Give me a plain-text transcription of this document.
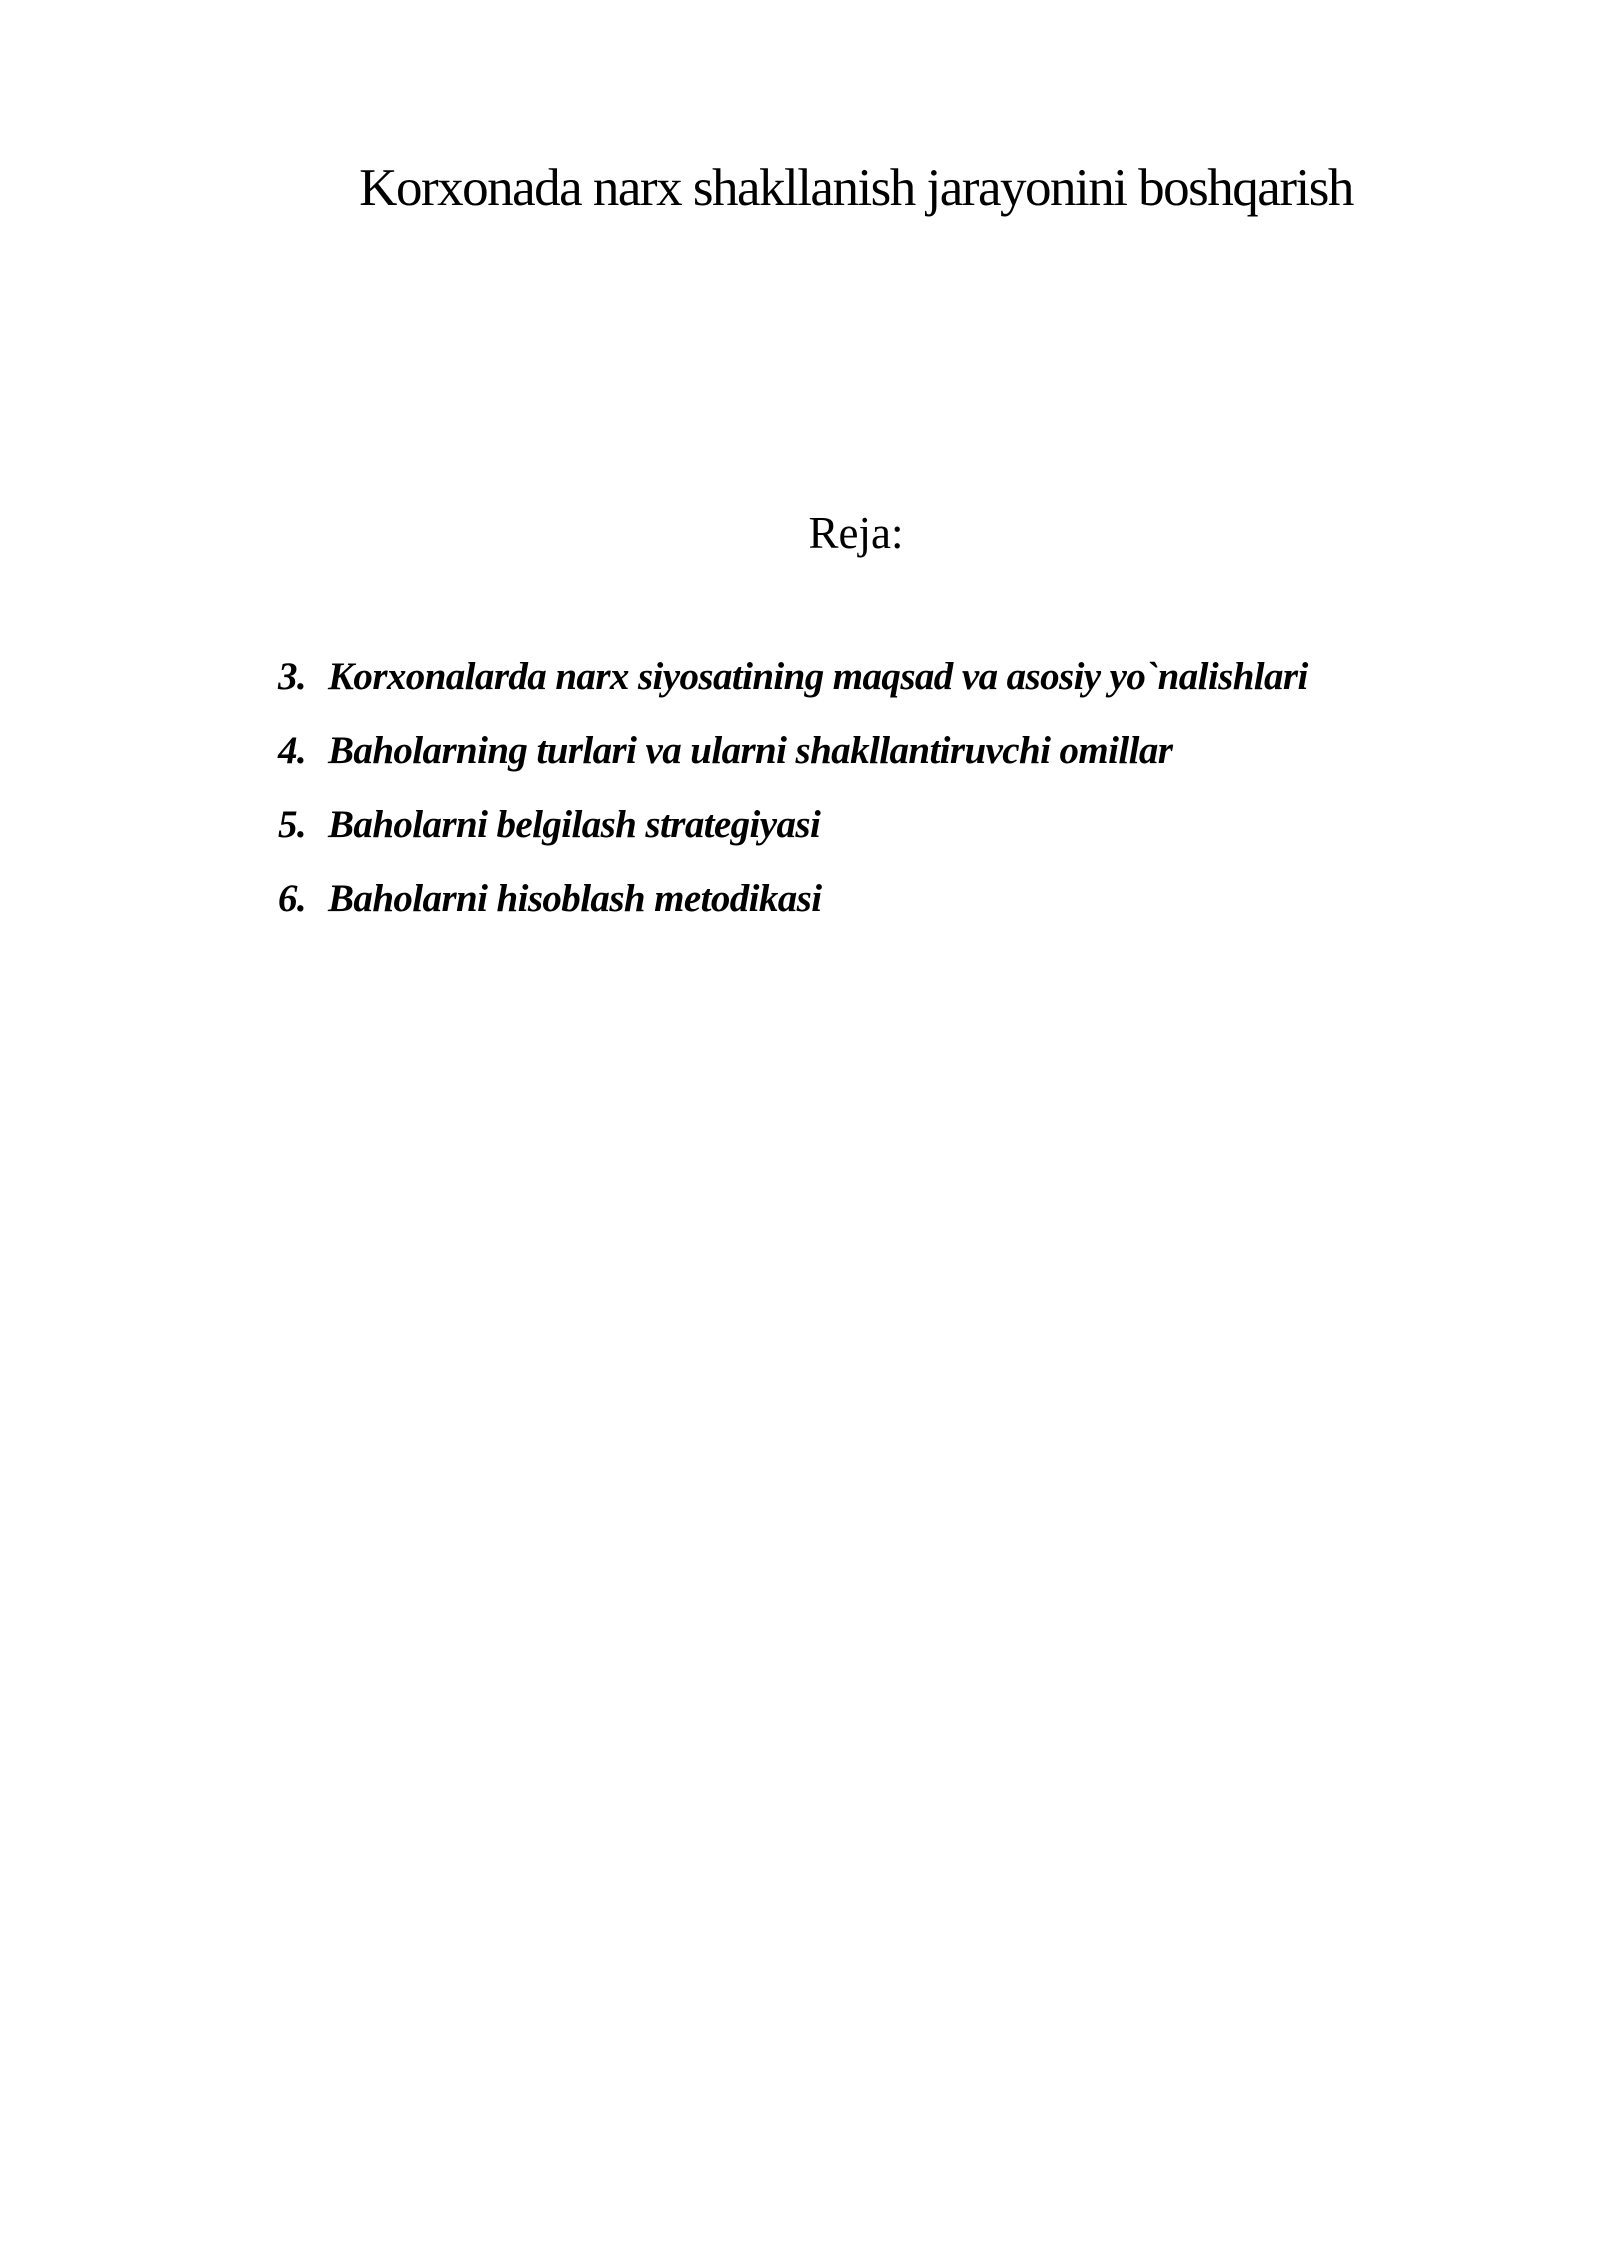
Korxonada narx shakllanish jarayonini boshqarish
Reja:
3. Korxonalarda narx siyosatining maqsad va asosiy yo`nalishlari
4. Baholarning turlari va ularni shakllantiruvchi omillar
5. Baholarni belgilash strategiyasi
6. Baholarni hisoblash metodikasi
